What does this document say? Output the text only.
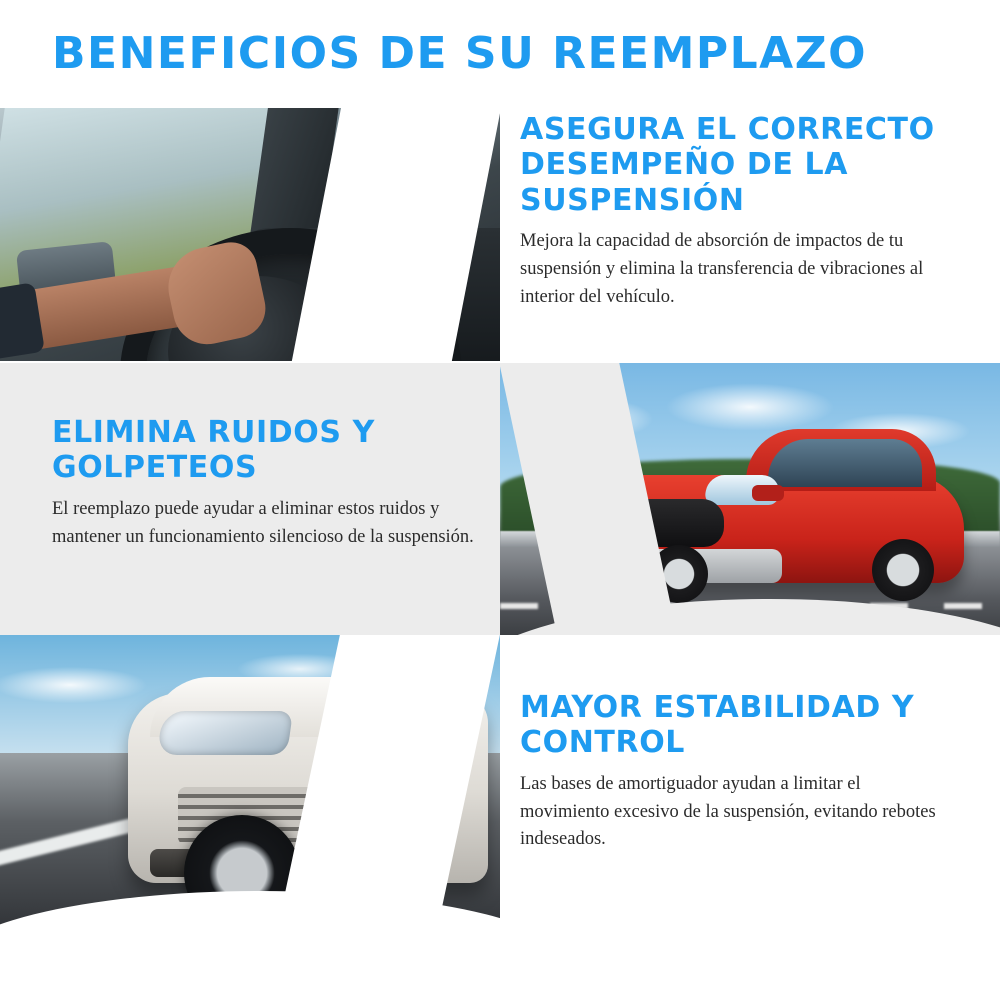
BENEFICIOS DE SU REEMPLAZO
ASEGURA EL CORRECTO DESEMPEÑO DE LA SUSPENSIÓN

Mejora la capacidad de absorción de impactos de tu suspensión y elimina la transferencia de vibraciones al interior del vehículo.

ELIMINA RUIDOS Y GOLPETEOS

El reemplazo puede ayudar a eliminar estos ruidos y mantener un funcionamiento silencioso de la suspensión.

MAYOR ESTABILIDAD Y CONTROL

Las bases de amortiguador ayudan a limitar el movimiento excesivo de la suspensión, evitando rebotes indeseados.
